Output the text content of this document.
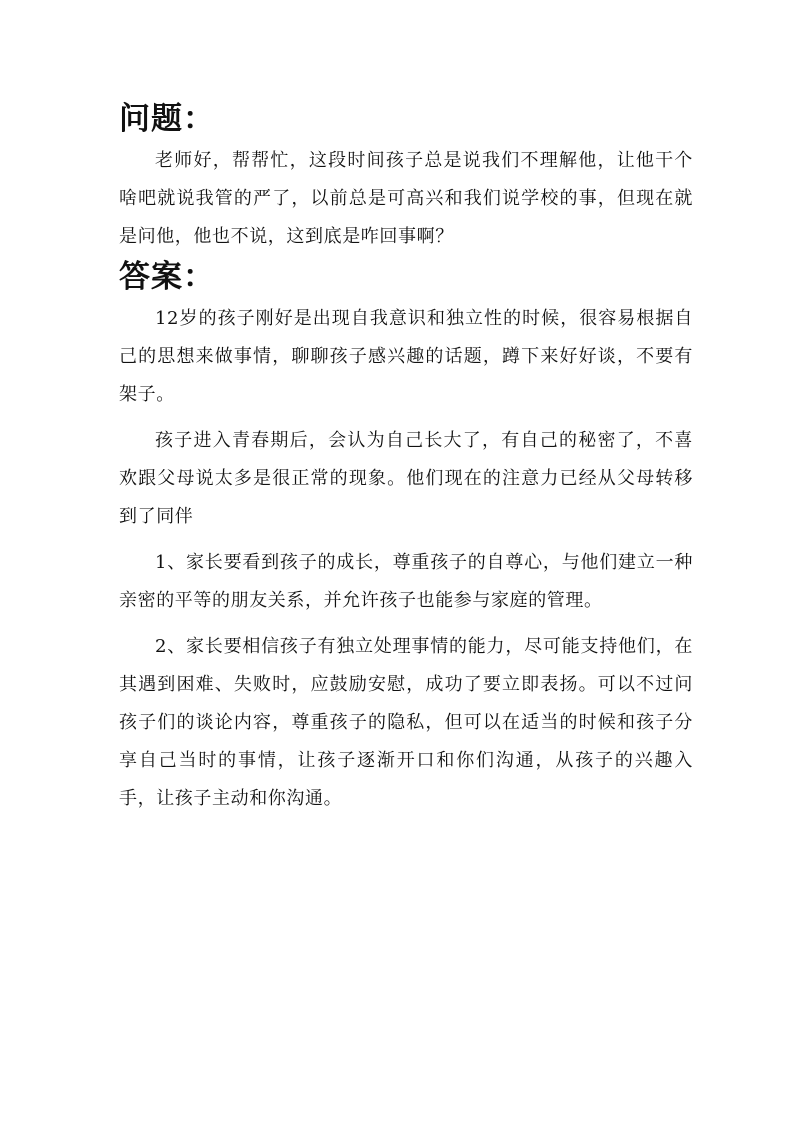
问题：

老师好，帮帮忙，这段时间孩子总是说我们不理解他，让他干个啥吧就说我管的严了，以前总是可高兴和我们说学校的事，但现在就是问他，他也不说，这到底是咋回事啊？

答案：

12岁的孩子刚好是出现自我意识和独立性的时候，很容易根据自己的思想来做事情，聊聊孩子感兴趣的话题，蹲下来好好谈，不要有架子。

孩子进入青春期后，会认为自己长大了，有自己的秘密了，不喜欢跟父母说太多是很正常的现象。他们现在的注意力已经从父母转移到了同伴

1、家长要看到孩子的成长，尊重孩子的自尊心，与他们建立一种亲密的平等的朋友关系，并允许孩子也能参与家庭的管理。

2、家长要相信孩子有独立处理事情的能力，尽可能支持他们，在其遇到困难、失败时，应鼓励安慰，成功了要立即表扬。可以不过问孩子们的谈论内容，尊重孩子的隐私，但可以在适当的时候和孩子分享自己当时的事情，让孩子逐渐开口和你们沟通，从孩子的兴趣入手，让孩子主动和你沟通。
